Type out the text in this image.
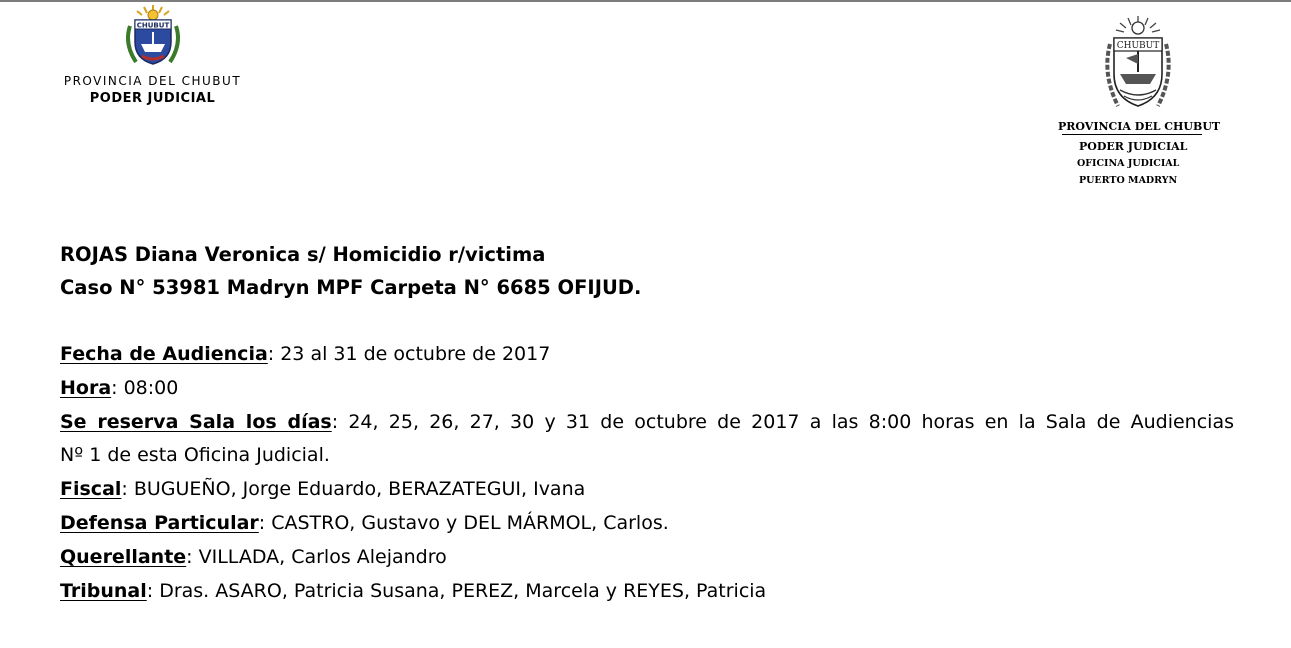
CHUBUT
PROVINCIA DEL CHUBUT
PODER JUDICIAL
CHUBUT
PROVINCIA DEL CHUBUT
PODER JUDICIAL
OFICINA JUDICIAL
PUERTO MADRYN
ROJAS Diana Veronica s/ Homicidio r/victima
Caso N° 53981 Madryn MPF Carpeta N° 6685 OFIJUD.

Fecha de Audiencia: 23 al 31 de octubre de 2017

Hora: 08:00

Se reserva Sala los días: 24, 25, 26, 27, 30 y 31 de octubre de 2017 a las 8:00 horas en la Sala de Audiencias

Nº 1 de esta Oficina Judicial.

Fiscal: BUGUEÑO, Jorge Eduardo, BERAZATEGUI, Ivana

Defensa Particular: CASTRO, Gustavo y DEL MÁRMOL, Carlos.

Querellante: VILLADA, Carlos Alejandro

Tribunal: Dras. ASARO, Patricia Susana, PEREZ, Marcela y REYES, Patricia
